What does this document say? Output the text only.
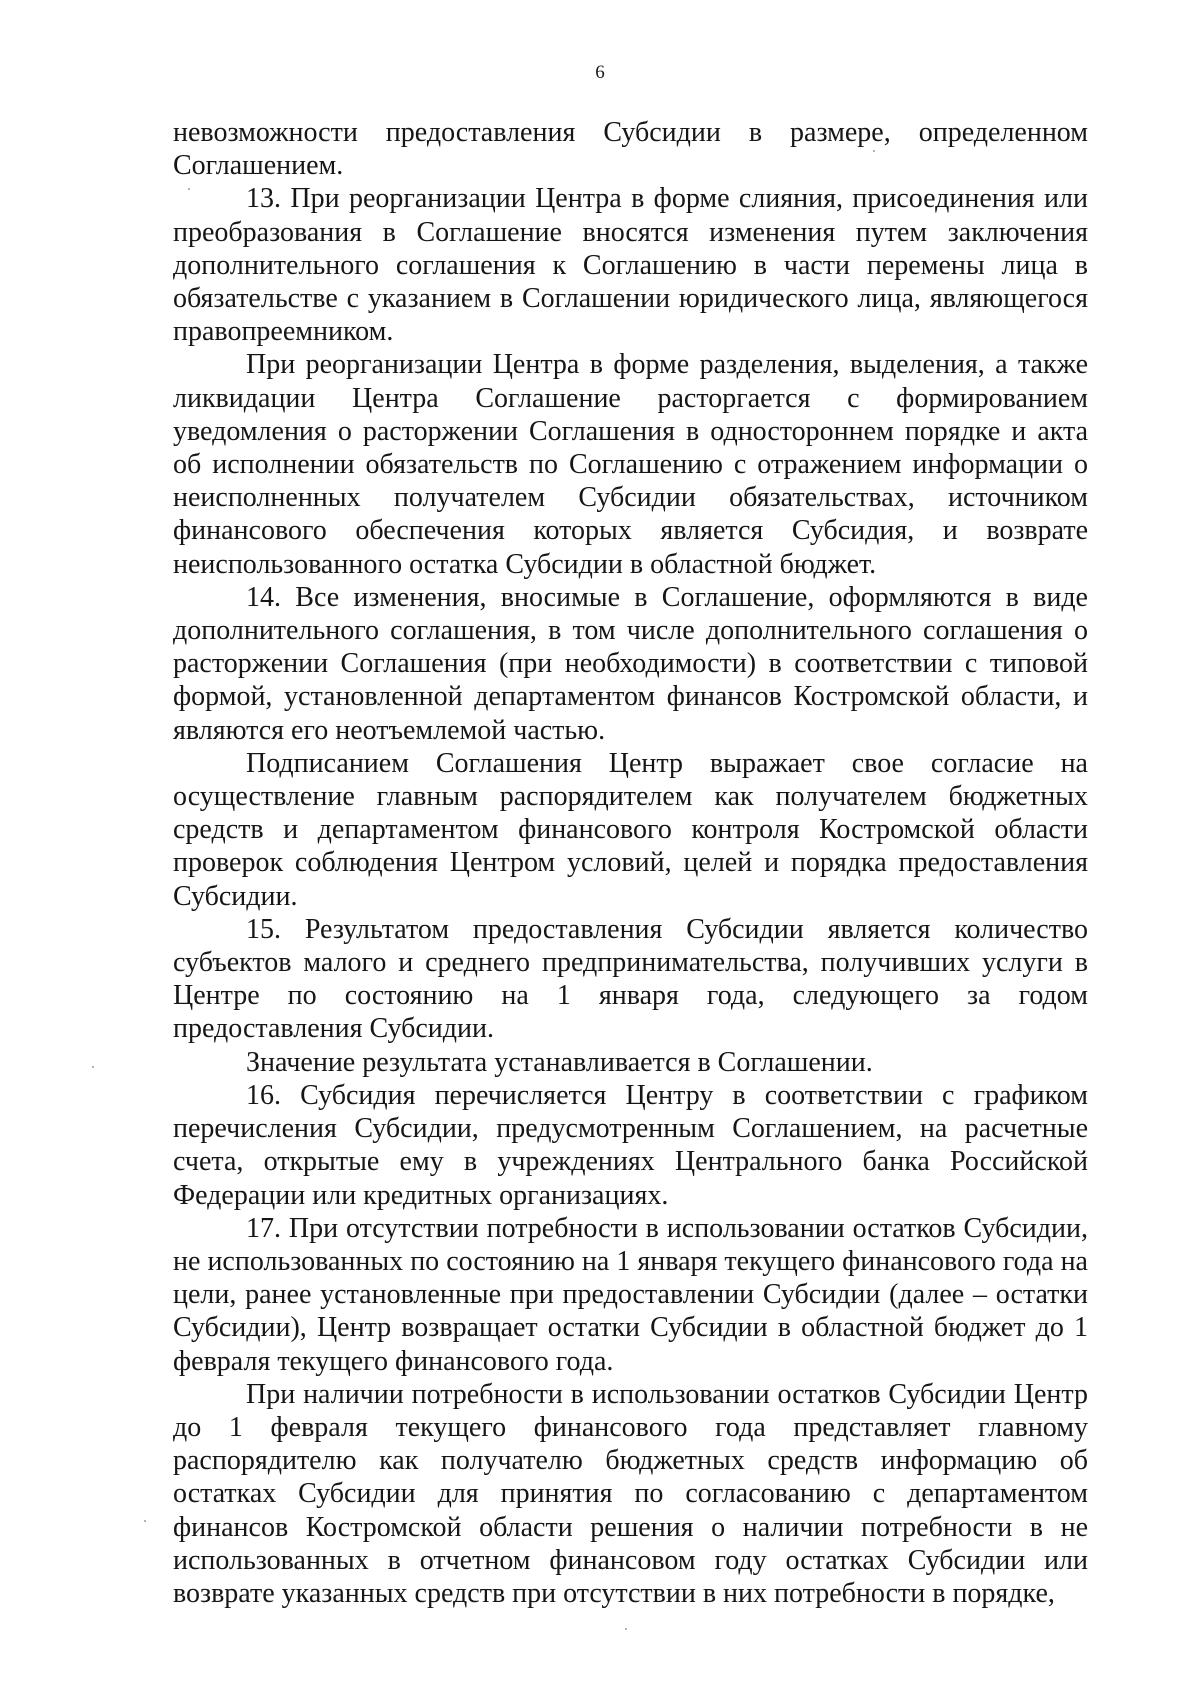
6

невозможности предоставления Субсидии в размере, определенном Соглашением.

13. При реорганизации Центра в форме слияния, присоединения или преобразования в Соглашение вносятся изменения путем заключения дополнительного соглашения к Соглашению в части перемены лица в обязательстве с указанием в Соглашении юридического лица, являющегося правопреемником.

При реорганизации Центра в форме разделения, выделения, а также ликвидации Центра Соглашение расторгается с формированием уведомления о расторжении Соглашения в одностороннем порядке и акта об исполнении обязательств по Соглашению с отражением информации о неисполненных получателем Субсидии обязательствах, источником финансового обеспечения которых является Субсидия, и возврате неиспользованного остатка Субсидии в областной бюджет.

14. Все изменения, вносимые в Соглашение, оформляются в виде дополнительного соглашения, в том числе дополнительного соглашения о расторжении Соглашения (при необходимости) в соответствии с типовой формой, установленной департаментом финансов Костромской области, и являются его неотъемлемой частью.

Подписанием Соглашения Центр выражает свое согласие на осуществление главным распорядителем как получателем бюджетных средств и департаментом финансового контроля Костромской области проверок соблюдения Центром условий, целей и порядка предоставления Субсидии.

15. Результатом предоставления Субсидии является количество субъектов малого и среднего предпринимательства, получивших услуги в Центре по состоянию на 1 января года, следующего за годом предоставления Субсидии.

Значение результата устанавливается в Соглашении.

16. Субсидия перечисляется Центру в соответствии с графиком перечисления Субсидии, предусмотренным Соглашением, на расчетные счета, открытые ему в учреждениях Центрального банка Российской Федерации или кредитных организациях.

17. При отсутствии потребности в использовании остатков Субсидии, не использованных по состоянию на 1 января текущего финансового года на цели, ранее установленные при предоставлении Субсидии (далее – остатки Субсидии), Центр возвращает остатки Субсидии в областной бюджет до 1 февраля текущего финансового года.

При наличии потребности в использовании остатков Субсидии Центр до 1 февраля текущего финансового года представляет главному распорядителю как получателю бюджетных средств информацию об остатках Субсидии для принятия по согласованию с департаментом финансов Костромской области решения о наличии потребности в не использованных в отчетном финансовом году остатках Субсидии или возврате указанных средств при отсутствии в них потребности в порядке,
